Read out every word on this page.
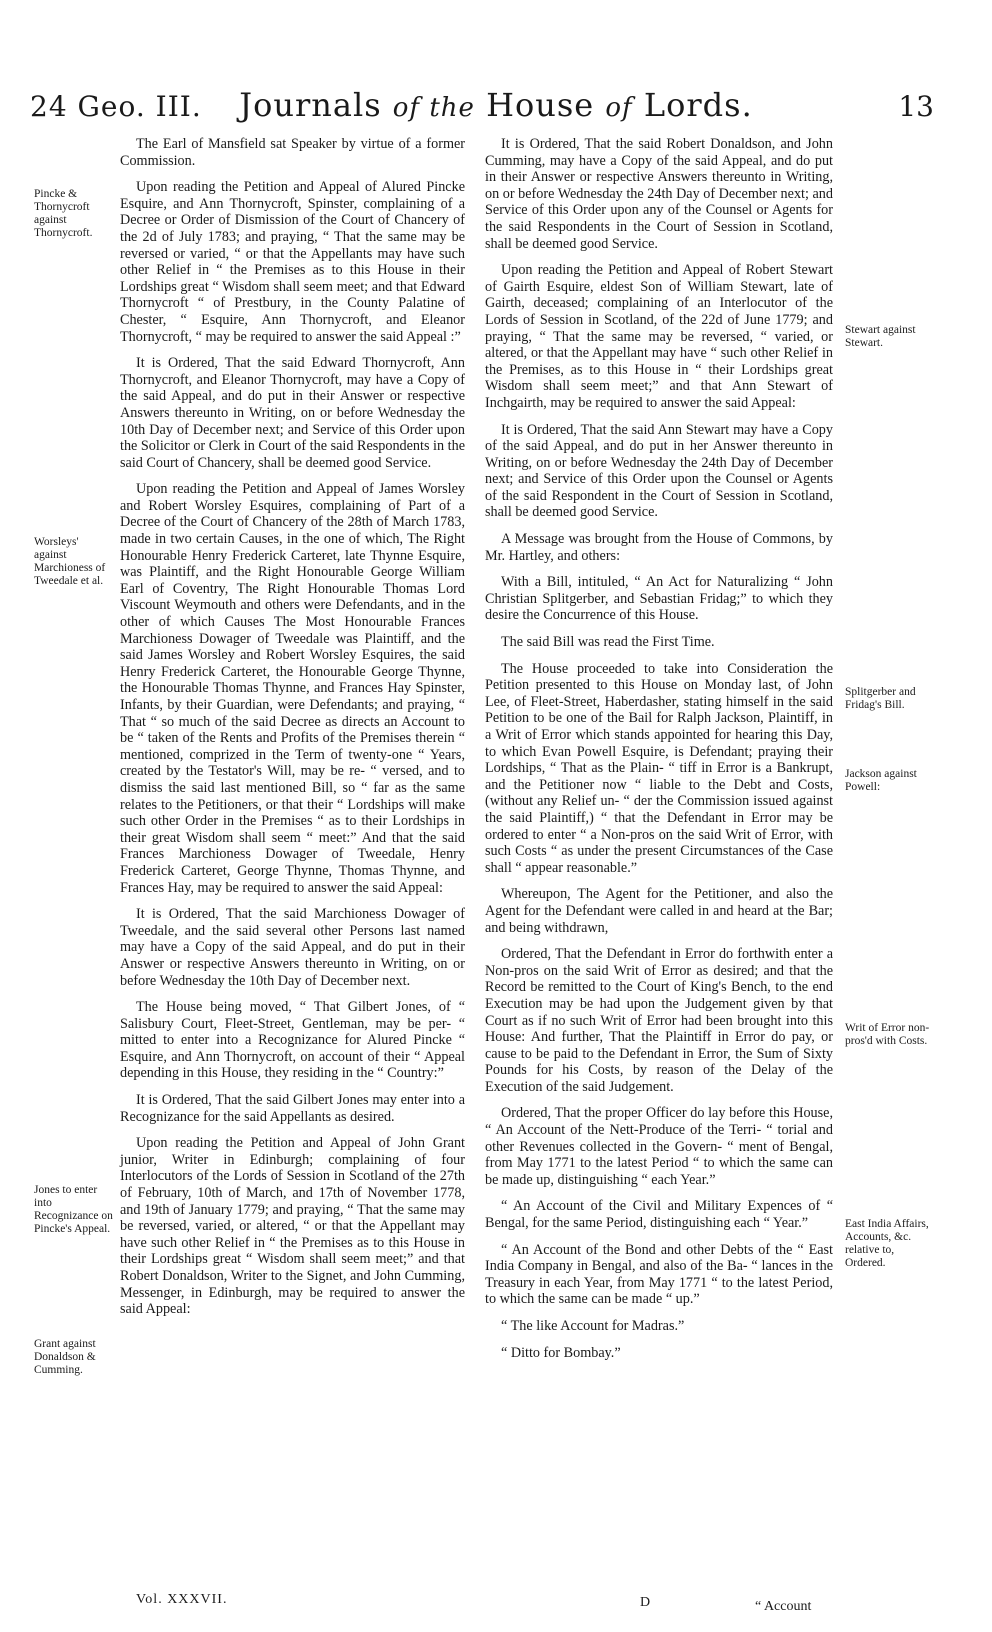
24 Geo. III.	Journals of the House of Lords.	13

The Earl of Mansfield sat Speaker by virtue of a former Commission.

Upon reading the Petition and Appeal of Alured Pincke Esquire, and Ann Thornycroft, Spinster, complaining of a Decree or Order of Dismission of the Court of Chancery of the 2d of July 1783; and praying, “ That the same may be reversed or varied, “ or that the Appellants may have such other Relief in “ the Premises as to this House in their Lordships great “ Wisdom shall seem meet; and that Edward Thornycroft “ of Prestbury, in the County Palatine of Chester, “ Esquire, Ann Thornycroft, and Eleanor Thornycroft, “ may be required to answer the said Appeal :”

It is Ordered, That the said Edward Thornycroft, Ann Thornycroft, and Eleanor Thornycroft, may have a Copy of the said Appeal, and do put in their Answer or respective Answers thereunto in Writing, on or before Wednesday the 10th Day of December next; and Service of this Order upon the Solicitor or Clerk in Court of the said Respondents in the said Court of Chancery, shall be deemed good Service.

Upon reading the Petition and Appeal of James Worsley and Robert Worsley Esquires, complaining of Part of a Decree of the Court of Chancery of the 28th of March 1783, made in two certain Causes, in the one of which, The Right Honourable Henry Frederick Carteret, late Thynne Esquire, was Plaintiff, and the Right Honourable George William Earl of Coventry, The Right Honourable Thomas Lord Viscount Weymouth and others were Defendants, and in the other of which Causes The Most Honourable Frances Marchioness Dowager of Tweedale was Plaintiff, and the said James Worsley and Robert Worsley Esquires, the said Henry Frederick Carteret, the Honourable George Thynne, the Honourable Thomas Thynne, and Frances Hay Spinster, Infants, by their Guardian, were Defendants; and praying, “ That “ so much of the said Decree as directs an Account to be “ taken of the Rents and Profits of the Premises therein “ mentioned, comprized in the Term of twenty-one “ Years, created by the Testator's Will, may be re- “ versed, and to dismiss the said last mentioned Bill, so “ far as the same relates to the Petitioners, or that their “ Lordships will make such other Order in the Premises “ as to their Lordships in their great Wisdom shall seem “ meet:” And that the said Frances Marchioness Dowager of Tweedale, Henry Frederick Carteret, George Thynne, Thomas Thynne, and Frances Hay, may be required to answer the said Appeal:

It is Ordered, That the said Marchioness Dowager of Tweedale, and the said several other Persons last named may have a Copy of the said Appeal, and do put in their Answer or respective Answers thereunto in Writing, on or before Wednesday the 10th Day of December next.

The House being moved, “ That Gilbert Jones, of “ Salisbury Court, Fleet-Street, Gentleman, may be per- “ mitted to enter into a Recognizance for Alured Pincke “ Esquire, and Ann Thornycroft, on account of their “ Appeal depending in this House, they residing in the “ Country:”

It is Ordered, That the said Gilbert Jones may enter into a Recognizance for the said Appellants as desired.

Upon reading the Petition and Appeal of John Grant junior, Writer in Edinburgh; complaining of four Interlocutors of the Lords of Session in Scotland of the 27th of February, 10th of March, and 17th of November 1778, and 19th of January 1779; and praying, “ That the same may be reversed, varied, or altered, “ or that the Appellant may have such other Relief in “ the Premises as to this House in their Lordships great “ Wisdom shall seem meet;” and that Robert Donaldson, Writer to the Signet, and John Cumming, Messenger, in Edinburgh, may be required to answer the said Appeal:

It is Ordered, That the said Robert Donaldson, and John Cumming, may have a Copy of the said Appeal, and do put in their Answer or respective Answers thereunto in Writing, on or before Wednesday the 24th Day of December next; and Service of this Order upon any of the Counsel or Agents for the said Respondents in the Court of Session in Scotland, shall be deemed good Service.

Upon reading the Petition and Appeal of Robert Stewart of Gairth Esquire, eldest Son of William Stewart, late of Gairth, deceased; complaining of an Interlocutor of the Lords of Session in Scotland, of the 22d of June 1779; and praying, “ That the same may be reversed, “ varied, or altered, or that the Appellant may have “ such other Relief in the Premises, as to this House in “ their Lordships great Wisdom shall seem meet;” and that Ann Stewart of Inchgairth, may be required to answer the said Appeal:

It is Ordered, That the said Ann Stewart may have a Copy of the said Appeal, and do put in her Answer thereunto in Writing, on or before Wednesday the 24th Day of December next; and Service of this Order upon the Counsel or Agents of the said Respondent in the Court of Session in Scotland, shall be deemed good Service.

A Message was brought from the House of Commons, by Mr. Hartley, and others:

With a Bill, intituled, “ An Act for Naturalizing “ John Christian Splitgerber, and Sebastian Fridag;” to which they desire the Concurrence of this House.

The said Bill was read the First Time.

The House proceeded to take into Consideration the Petition presented to this House on Monday last, of John Lee, of Fleet-Street, Haberdasher, stating himself in the said Petition to be one of the Bail for Ralph Jackson, Plaintiff, in a Writ of Error which stands appointed for hearing this Day, to which Evan Powell Esquire, is Defendant; praying their Lordships, “ That as the Plain- “ tiff in Error is a Bankrupt, and the Petitioner now “ liable to the Debt and Costs, (without any Relief un- “ der the Commission issued against the said Plaintiff,) “ that the Defendant in Error may be ordered to enter “ a Non-pros on the said Writ of Error, with such Costs “ as under the present Circumstances of the Case shall “ appear reasonable.”

Whereupon, The Agent for the Petitioner, and also the Agent for the Defendant were called in and heard at the Bar; and being withdrawn,

Ordered, That the Defendant in Error do forthwith enter a Non-pros on the said Writ of Error as desired; and that the Record be remitted to the Court of King's Bench, to the end Execution may be had upon the Judgement given by that Court as if no such Writ of Error had been brought into this House: And further, That the Plaintiff in Error do pay, or cause to be paid to the Defendant in Error, the Sum of Sixty Pounds for his Costs, by reason of the Delay of the Execution of the said Judgement.

Ordered, That the proper Officer do lay before this House, “ An Account of the Nett-Produce of the Terri- “ torial and other Revenues collected in the Govern- “ ment of Bengal, from May 1771 to the latest Period “ to which the same can be made up, distinguishing “ each Year.”

“ An Account of the Civil and Military Expences of “ Bengal, for the same Period, distinguishing each “ Year.”

“ An Account of the Bond and other Debts of the “ East India Company in Bengal, and also of the Ba- “ lances in the Treasury in each Year, from May 1771 “ to the latest Period, to which the same can be made “ up.”

“ The like Account for Madras.”

“ Ditto for Bombay.”

Pincke & Thornycroft against Thornycroft.
Worsleys' against Marchioness of Tweedale et al.
Jones to enter into Recognizance on Pincke's Appeal.
Grant against Donaldson & Cumming.
Stewart against Stewart.
Splitgerber and Fridag's Bill.
Jackson against Powell:
Writ of Error non-pros'd with Costs.
East India Affairs, Accounts, &c. relative to, Ordered.
Vol. XXXVII.	D	“ Account
